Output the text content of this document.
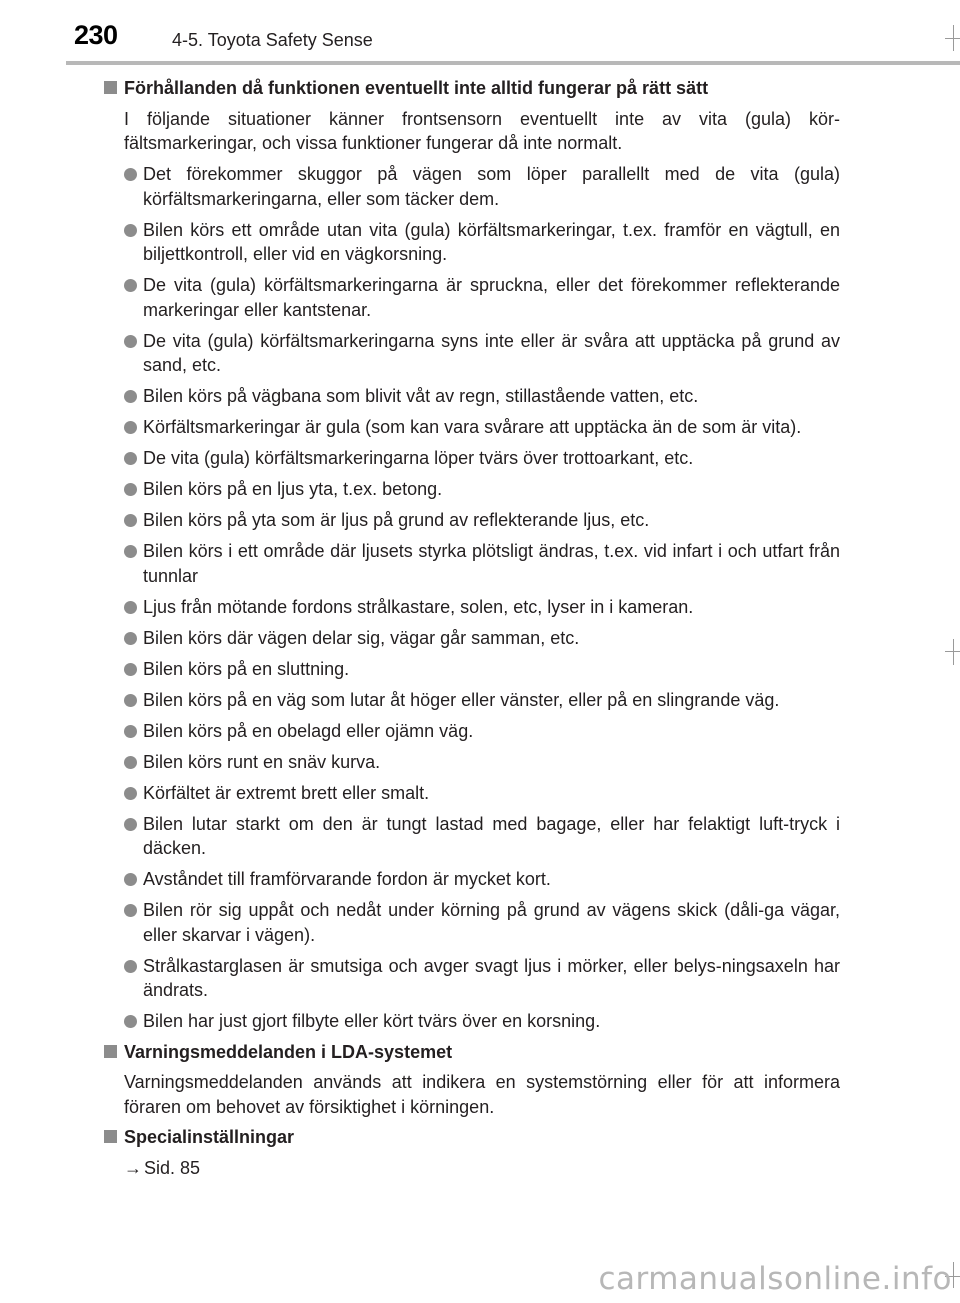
230	4-5. Toyota Safety Sense
Förhållanden då funktionen eventuellt inte alltid fungerar på rätt sätt
I följande situationer känner frontsensorn eventuellt inte av vita (gula) kör-fältsmarkeringar, och vissa funktioner fungerar då inte normalt.
Det förekommer skuggor på vägen som löper parallellt med de vita (gula) körfältsmarkeringarna, eller som täcker dem.
Bilen körs ett område utan vita (gula) körfältsmarkeringar, t.ex. framför en vägtull, en biljettkontroll, eller vid en vägkorsning.
De vita (gula) körfältsmarkeringarna är spruckna, eller det förekommer reflekterande markeringar eller kantstenar.
De vita (gula) körfältsmarkeringarna syns inte eller är svåra att upptäcka på grund av sand, etc.
Bilen körs på vägbana som blivit våt av regn, stillastående vatten, etc.
Körfältsmarkeringar är gula (som kan vara svårare att upptäcka än de som är vita).
De vita (gula) körfältsmarkeringarna löper tvärs över trottoarkant, etc.
Bilen körs på en ljus yta, t.ex. betong.
Bilen körs på yta som är ljus på grund av reflekterande ljus, etc.
Bilen körs i ett område där ljusets styrka plötsligt ändras, t.ex. vid infart i och utfart från tunnlar
Ljus från mötande fordons strålkastare, solen, etc, lyser in i kameran.
Bilen körs där vägen delar sig, vägar går samman, etc.
Bilen körs på en sluttning.
Bilen körs på en väg som lutar åt höger eller vänster, eller på en slingrande väg.
Bilen körs på en obelagd eller ojämn väg.
Bilen körs runt en snäv kurva.
Körfältet är extremt brett eller smalt.
Bilen lutar starkt om den är tungt lastad med bagage, eller har felaktigt luft-tryck i däcken.
Avståndet till framförvarande fordon är mycket kort.
Bilen rör sig uppåt och nedåt under körning på grund av vägens skick (dåli-ga vägar, eller skarvar i vägen).
Strålkastarglasen är smutsiga och avger svagt ljus i mörker, eller belys-ningsaxeln har ändrats.
Bilen har just gjort filbyte eller kört tvärs över en korsning.
Varningsmeddelanden i LDA-systemet
Varningsmeddelanden används att indikera en systemstörning eller för att informera föraren om behovet av försiktighet i körningen.
Specialinställningar
→ Sid. 85
carmanualsonline.info
